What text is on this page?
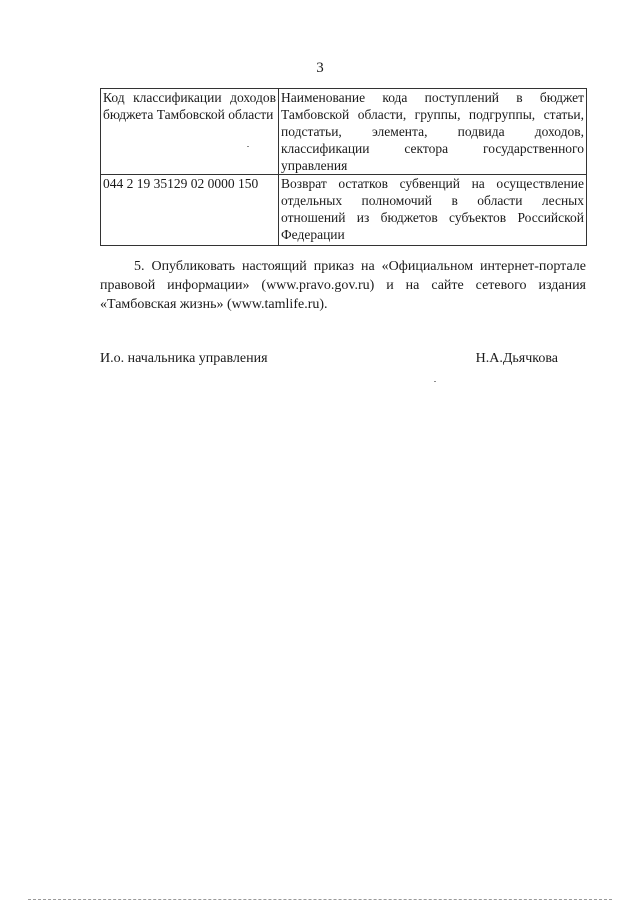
3
Код классификации доходов бюджета Тамбовской области	Наименование кода поступлений в бюджет Тамбовской области, группы, подгруппы, статьи, подстатьи, элемента, подвида доходов, классификации сектора государственного управления
044 2 19 35129 02 0000 150	Возврат остатков субвенций на осуществление отдельных полномочий в области лесных отношений из бюджетов субъектов Российской Федерации

5. Опубликовать настоящий приказ на «Официальном интернет-портале правовой информации» (www.pravo.gov.ru) и на сайте сетевого издания «Тамбовская жизнь» (www.tamlife.ru).

И.о. начальника управления	Н.А.Дьячкова
